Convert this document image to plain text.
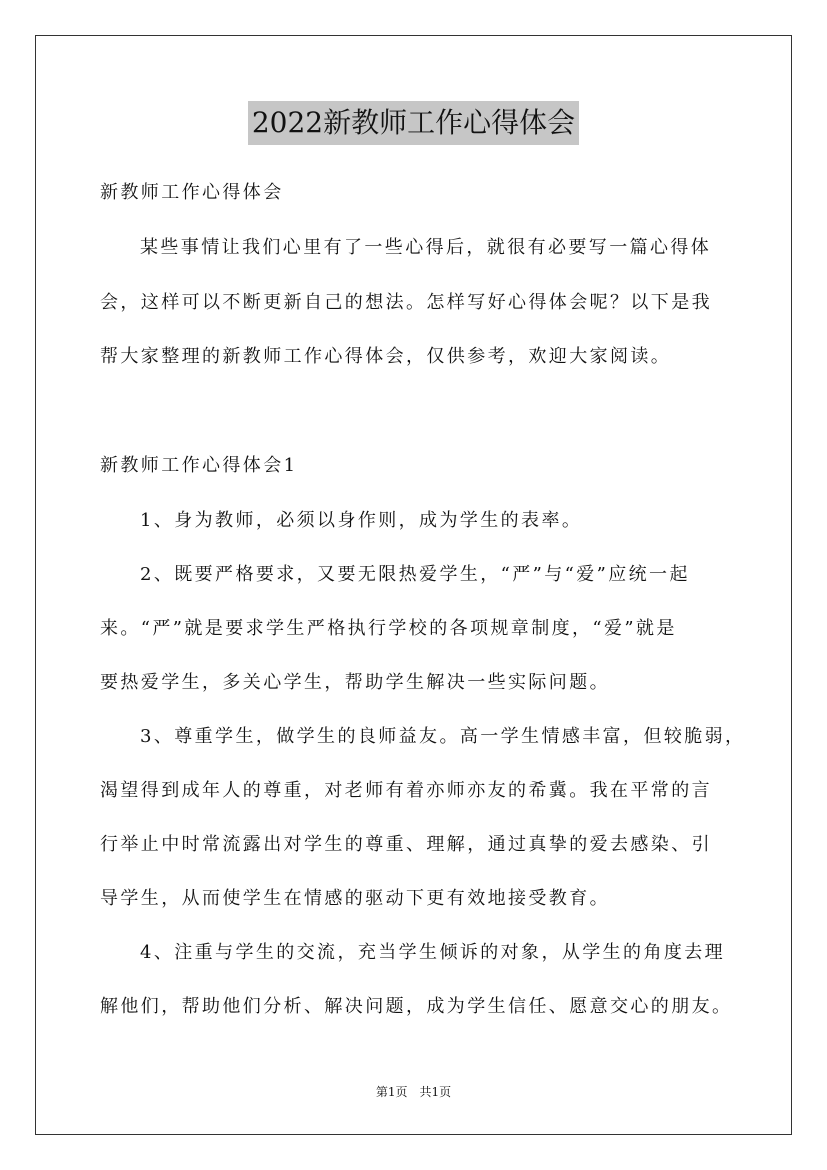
2022新教师工作心得体会
新教师工作心得体会
某些事情让我们心里有了一些心得后，就很有必要写一篇心得体
会，这样可以不断更新自己的想法。怎样写好心得体会呢？以下是我
帮大家整理的新教师工作心得体会，仅供参考，欢迎大家阅读。
新教师工作心得体会1
1、身为教师，必须以身作则，成为学生的表率。
2、既要严格要求，又要无限热爱学生，“严”与“爱”应统一起
来。“严”就是要求学生严格执行学校的各项规章制度，“爱”就是
要热爱学生，多关心学生，帮助学生解决一些实际问题。
3、尊重学生，做学生的良师益友。高一学生情感丰富，但较脆弱，
渴望得到成年人的尊重，对老师有着亦师亦友的希冀。我在平常的言
行举止中时常流露出对学生的尊重、理解，通过真挚的爱去感染、引
导学生，从而使学生在情感的驱动下更有效地接受教育。
4、注重与学生的交流，充当学生倾诉的对象，从学生的角度去理
解他们，帮助他们分析、解决问题，成为学生信任、愿意交心的朋友。
第1页　共1页
